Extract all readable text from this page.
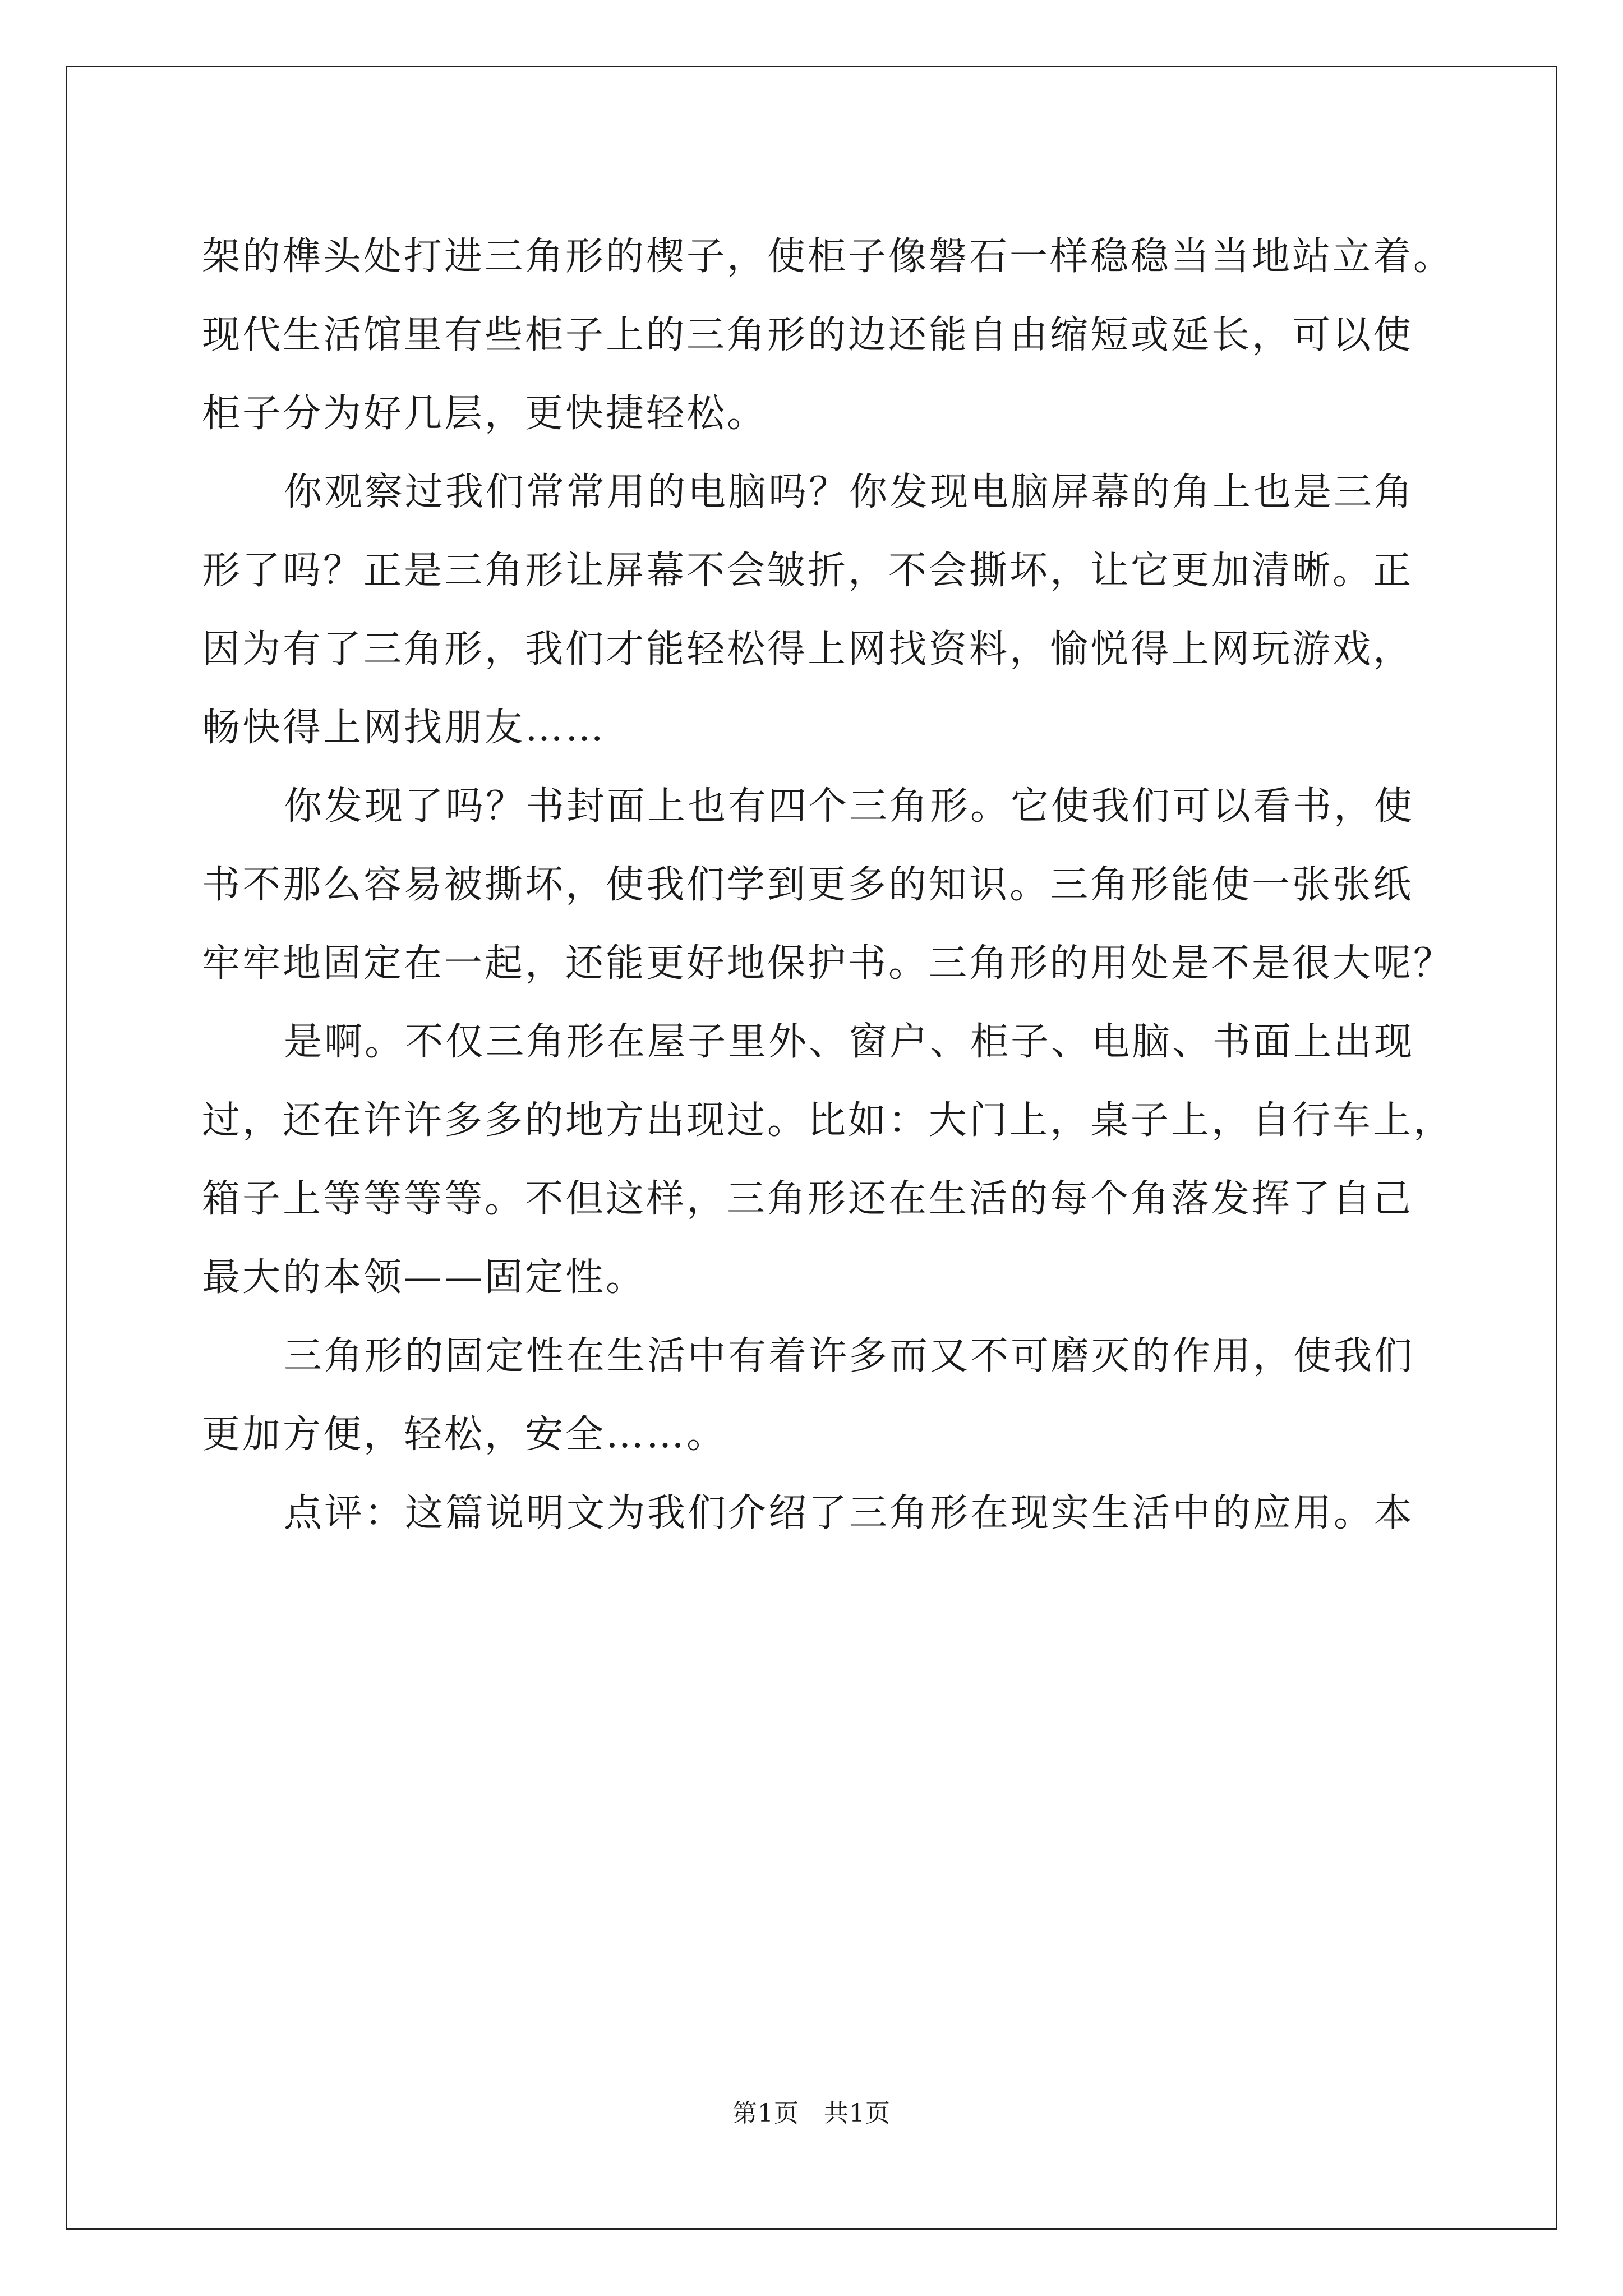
架的榫头处打进三角形的楔子，使柜子像磐石一样稳稳当当地站立着。
现代生活馆里有些柜子上的三角形的边还能自由缩短或延长，可以使
柜子分为好几层，更快捷轻松。
你观察过我们常常用的电脑吗？你发现电脑屏幕的角上也是三角
形了吗？正是三角形让屏幕不会皱折，不会撕坏，让它更加清晰。正
因为有了三角形，我们才能轻松得上网找资料，愉悦得上网玩游戏，
畅快得上网找朋友……
你发现了吗？书封面上也有四个三角形。它使我们可以看书，使
书不那么容易被撕坏，使我们学到更多的知识。三角形能使一张张纸
牢牢地固定在一起，还能更好地保护书。三角形的用处是不是很大呢？
是啊。不仅三角形在屋子里外、窗户、柜子、电脑、书面上出现
过，还在许许多多的地方出现过。比如：大门上，桌子上，自行车上，
箱子上等等等等。不但这样，三角形还在生活的每个角落发挥了自己
最大的本领——固定性。
三角形的固定性在生活中有着许多而又不可磨灭的作用，使我们
更加方便，轻松，安全……。
点评：这篇说明文为我们介绍了三角形在现实生活中的应用。本
第1页 共1页
